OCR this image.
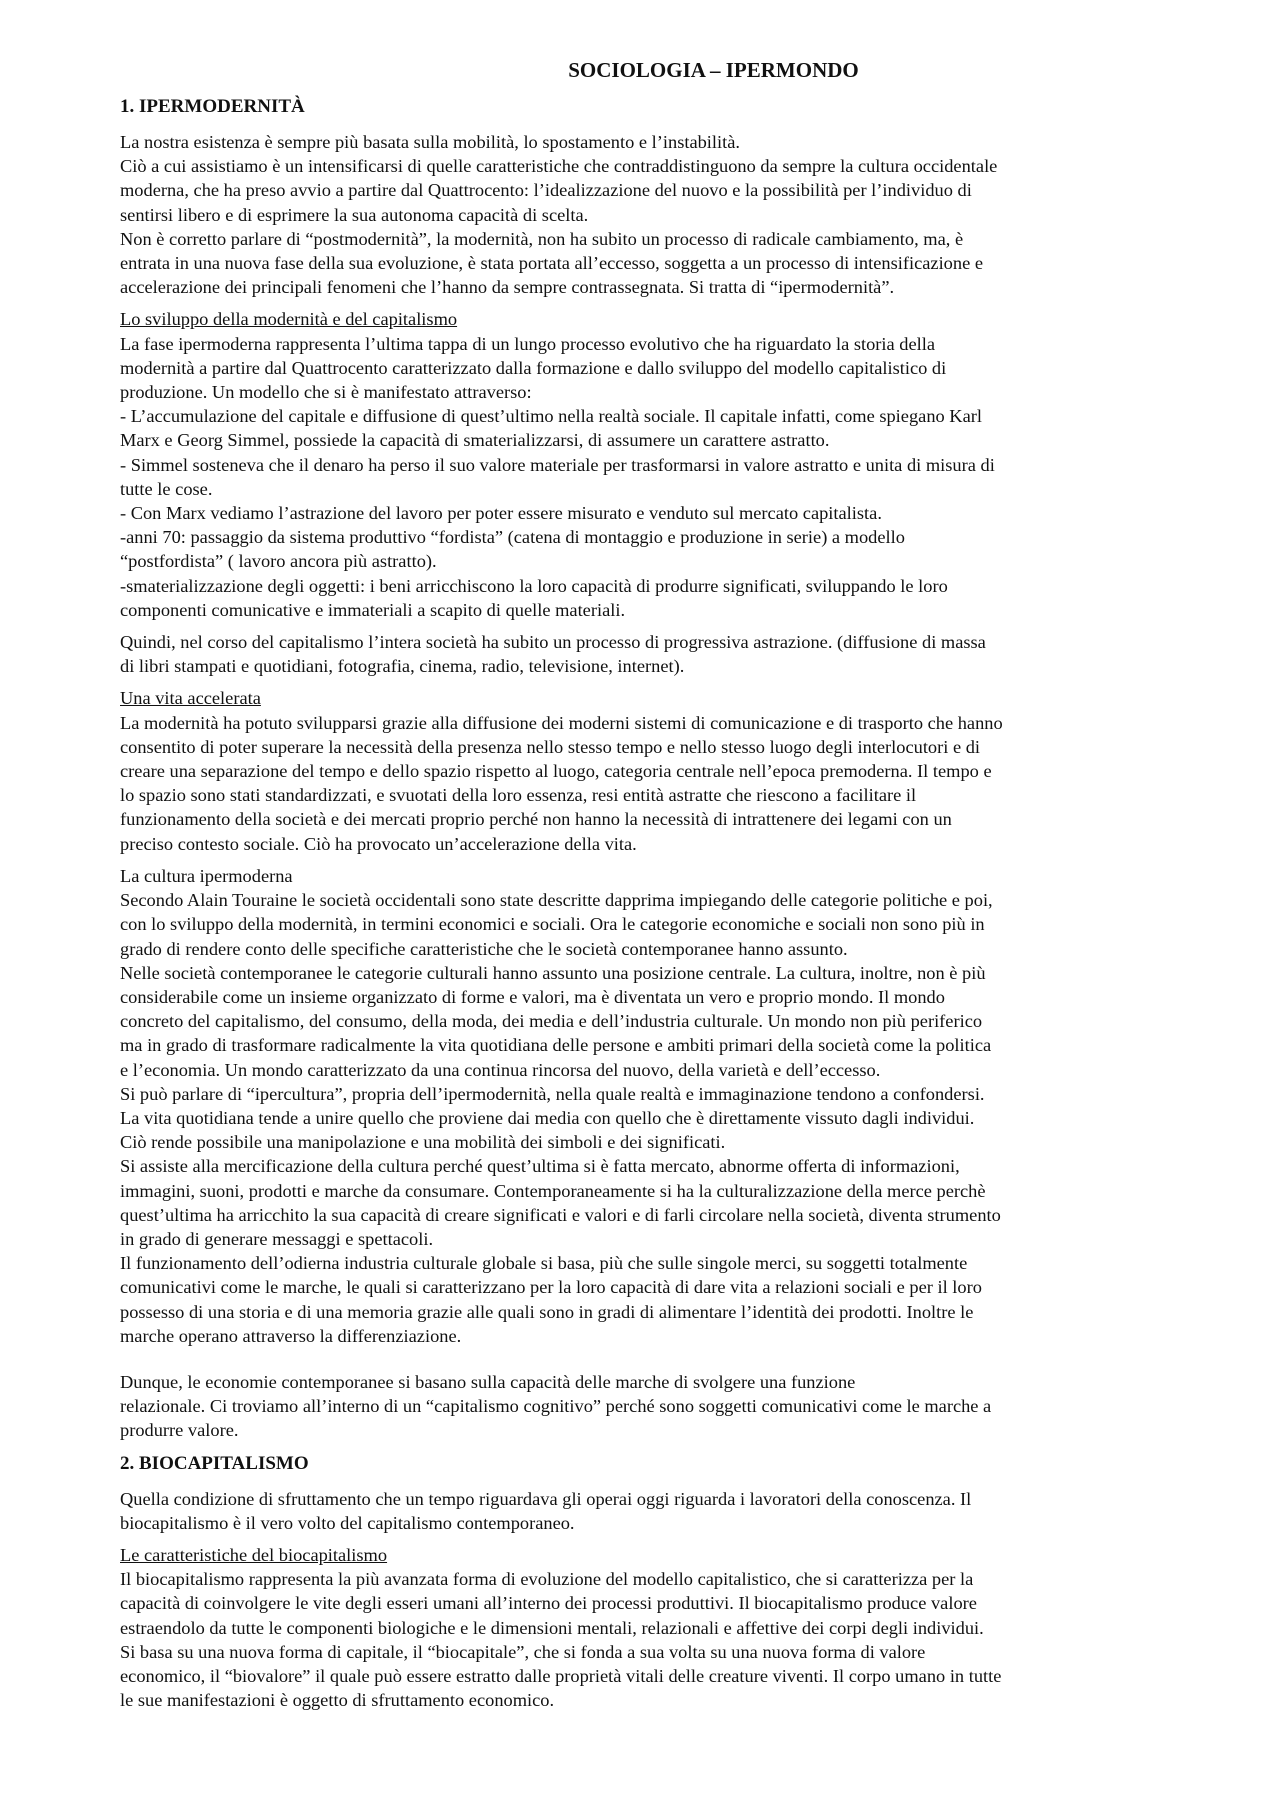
SOCIOLOGIA – IPERMONDO
1. IPERMODERNITÀ
La nostra esistenza è sempre più basata sulla mobilità, lo spostamento e l’instabilità.
Ciò a cui assistiamo è un intensificarsi di quelle caratteristiche che contraddistinguono da sempre la cultura occidentale
moderna, che ha preso avvio a partire dal Quattrocento: l’idealizzazione del nuovo e la possibilità per l’individuo di
sentirsi libero e di esprimere la sua autonoma capacità di scelta.
Non è corretto parlare di “postmodernità”, la modernità, non ha subito un processo di radicale cambiamento, ma, è
entrata in una nuova fase della sua evoluzione, è stata portata all’eccesso, soggetta a un processo di intensificazione e
accelerazione dei principali fenomeni che l’hanno da sempre contrassegnata. Si tratta di “ipermodernità”.
Lo sviluppo della modernità e del capitalismo
La fase ipermoderna rappresenta l’ultima tappa di un lungo processo evolutivo che ha riguardato la storia della
modernità a partire dal Quattrocento caratterizzato dalla formazione e dallo sviluppo del modello capitalistico di
produzione. Un modello che si è manifestato attraverso:
- L’accumulazione del capitale e diffusione di quest’ultimo nella realtà sociale. Il capitale infatti, come spiegano Karl
Marx e Georg Simmel, possiede la capacità di smaterializzarsi, di assumere un carattere astratto.
- Simmel sosteneva che il denaro ha perso il suo valore materiale per trasformarsi in valore astratto e unita di misura di
tutte le cose.
- Con Marx vediamo l’astrazione del lavoro per poter essere misurato e venduto sul mercato capitalista.
-anni 70: passaggio da sistema produttivo “fordista” (catena di montaggio e produzione in serie) a modello
“postfordista” ( lavoro ancora più astratto).
-smaterializzazione degli oggetti: i beni arricchiscono la loro capacità di produrre significati, sviluppando le loro
componenti comunicative e immateriali a scapito di quelle materiali.
Quindi, nel corso del capitalismo l’intera società ha subito un processo di progressiva astrazione. (diffusione di massa
di libri stampati e quotidiani, fotografia, cinema, radio, televisione, internet).
Una vita accelerata
La modernità ha potuto svilupparsi grazie alla diffusione dei moderni sistemi di comunicazione e di trasporto che hanno
consentito di poter superare la necessità della presenza nello stesso tempo e nello stesso luogo degli interlocutori e di
creare una separazione del tempo e dello spazio rispetto al luogo, categoria centrale nell’epoca premoderna. Il tempo e
lo spazio sono stati standardizzati, e svuotati della loro essenza, resi entità astratte che riescono a facilitare il
funzionamento della società e dei mercati proprio perché non hanno la necessità di intrattenere dei legami con un
preciso contesto sociale. Ciò ha provocato un’accelerazione della vita.
La cultura ipermoderna
Secondo Alain Touraine le società occidentali sono state descritte dapprima impiegando delle categorie politiche e poi,
con lo sviluppo della modernità, in termini economici e sociali. Ora le categorie economiche e sociali non sono più in
grado di rendere conto delle specifiche caratteristiche che le società contemporanee hanno assunto.
Nelle società contemporanee le categorie culturali hanno assunto una posizione centrale. La cultura, inoltre, non è più
considerabile come un insieme organizzato di forme e valori, ma è diventata un vero e proprio mondo. Il mondo
concreto del capitalismo, del consumo, della moda, dei media e dell’industria culturale. Un mondo non più periferico
ma in grado di trasformare radicalmente la vita quotidiana delle persone e ambiti primari della società come la politica
e l’economia. Un mondo caratterizzato da una continua rincorsa del nuovo, della varietà e dell’eccesso.
Si può parlare di “ipercultura”, propria dell’ipermodernità, nella quale realtà e immaginazione tendono a confondersi.
La vita quotidiana tende a unire quello che proviene dai media con quello che è direttamente vissuto dagli individui.
Ciò rende possibile una manipolazione e una mobilità dei simboli e dei significati.
Si assiste alla mercificazione della cultura perché quest’ultima si è fatta mercato, abnorme offerta di informazioni,
immagini, suoni, prodotti e marche da consumare. Contemporaneamente si ha la culturalizzazione della merce perchè
quest’ultima ha arricchito la sua capacità di creare significati e valori e di farli circolare nella società, diventa strumento
in grado di generare messaggi e spettacoli.
Il funzionamento dell’odierna industria culturale globale si basa, più che sulle singole merci, su soggetti totalmente
comunicativi come le marche, le quali si caratterizzano per la loro capacità di dare vita a relazioni sociali e per il loro
possesso di una storia e di una memoria grazie alle quali sono in gradi di alimentare l’identità dei prodotti. Inoltre le
marche operano attraverso la differenziazione.
Dunque, le economie contemporanee si basano sulla capacità delle marche di svolgere una funzione
relazionale. Ci troviamo all’interno di un “capitalismo cognitivo” perché sono soggetti comunicativi come le marche a
produrre valore.
2. BIOCAPITALISMO
Quella condizione di sfruttamento che un tempo riguardava gli operai oggi riguarda i lavoratori della conoscenza. Il
biocapitalismo è il vero volto del capitalismo contemporaneo.
Le caratteristiche del biocapitalismo
Il biocapitalismo rappresenta la più avanzata forma di evoluzione del modello capitalistico, che si caratterizza per la
capacità di coinvolgere le vite degli esseri umani all’interno dei processi produttivi. Il biocapitalismo produce valore
estraendolo da tutte le componenti biologiche e le dimensioni mentali, relazionali e affettive dei corpi degli individui.
Si basa su una nuova forma di capitale, il “biocapitale”, che si fonda a sua volta su una nuova forma di valore
economico, il “biovalore” il quale può essere estratto dalle proprietà vitali delle creature viventi. Il corpo umano in tutte
le sue manifestazioni è oggetto di sfruttamento economico.
